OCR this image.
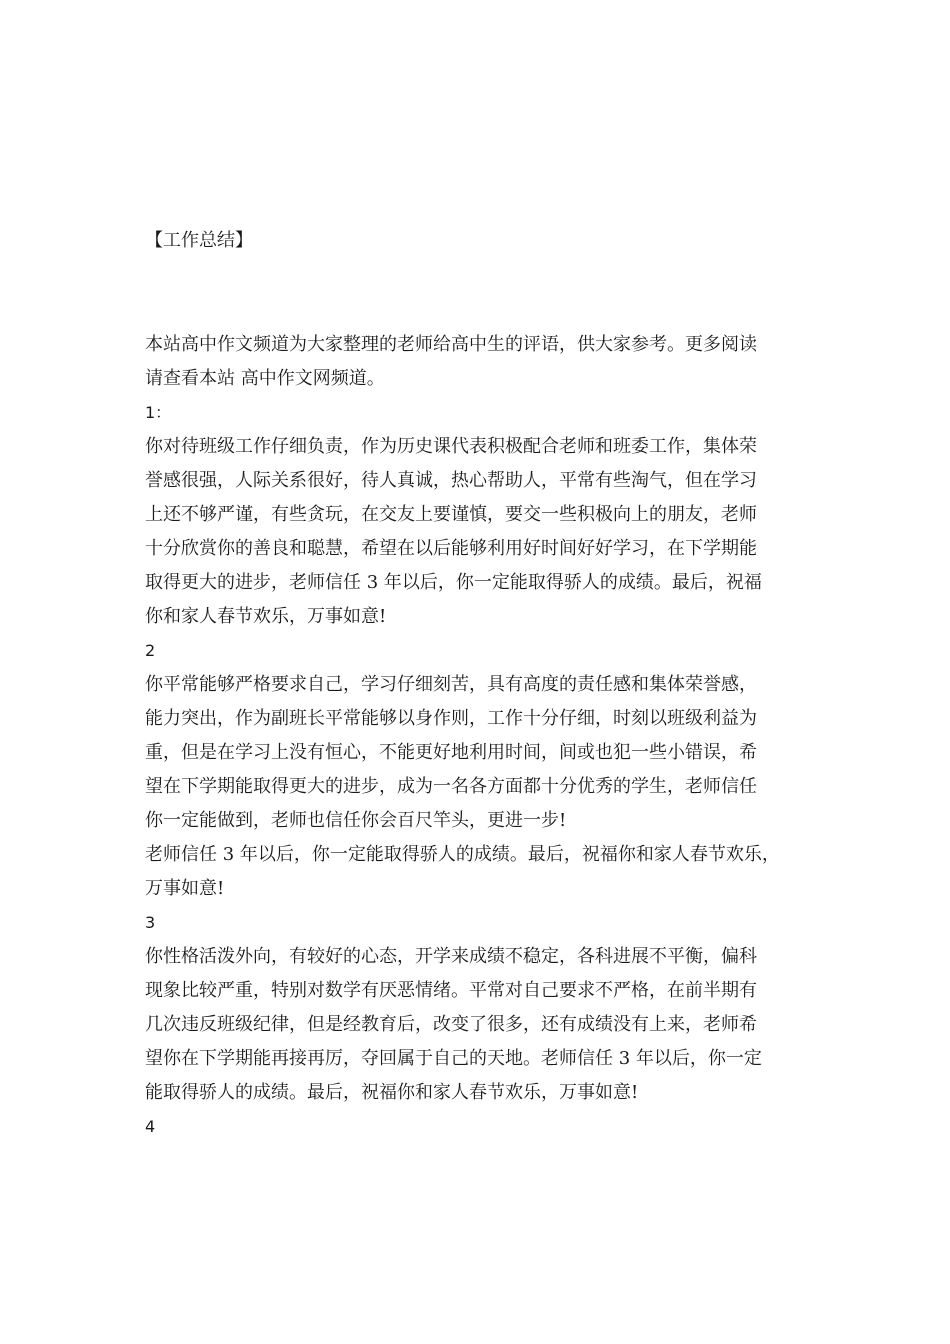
【工作总结】
本站高中作文频道为大家整理的老师给高中生的评语，供大家参考。更多阅读
请查看本站 高中作文网频道。
1：
你对待班级工作仔细负责，作为历史课代表积极配合老师和班委工作，集体荣
誉感很强，人际关系很好，待人真诚，热心帮助人，平常有些淘气，但在学习
上还不够严谨，有些贪玩，在交友上要谨慎，要交一些积极向上的朋友，老师
十分欣赏你的善良和聪慧，希望在以后能够利用好时间好好学习，在下学期能
取得更大的进步，老师信任 3 年以后，你一定能取得骄人的成绩。最后，祝福
你和家人春节欢乐，万事如意!
2
你平常能够严格要求自己，学习仔细刻苦，具有高度的责任感和集体荣誉感，
能力突出，作为副班长平常能够以身作则，工作十分仔细，时刻以班级利益为
重，但是在学习上没有恒心，不能更好地利用时间，间或也犯一些小错误，希
望在下学期能取得更大的进步，成为一名各方面都十分优秀的学生，老师信任
你一定能做到，老师也信任你会百尺竿头，更进一步!
老师信任 3 年以后，你一定能取得骄人的成绩。最后，祝福你和家人春节欢乐，
万事如意!
3
你性格活泼外向，有较好的心态，开学来成绩不稳定，各科进展不平衡，偏科
现象比较严重，特别对数学有厌恶情绪。平常对自己要求不严格，在前半期有
几次违反班级纪律，但是经教育后，改变了很多，还有成绩没有上来，老师希
望你在下学期能再接再厉，夺回属于自己的天地。老师信任 3 年以后，你一定
能取得骄人的成绩。最后，祝福你和家人春节欢乐，万事如意!
4
